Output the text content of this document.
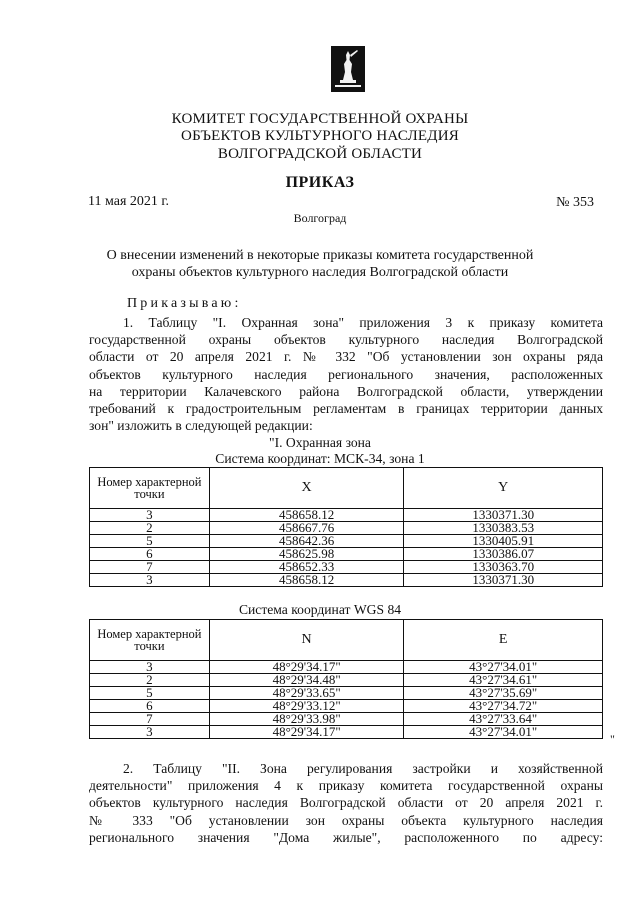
КОМИТЕТ ГОСУДАРСТВЕННОЙ ОХРАНЫ
ОБЪЕКТОВ КУЛЬТУРНОГО НАСЛЕДИЯ
ВОЛГОГРАДСКОЙ ОБЛАСТИ
ПРИКАЗ
11 мая 2021 г.	№ 353
Волгоград
О внесении изменений в некоторые приказы комитета государственной
охраны объектов культурного наследия Волгоградской области
Приказываю:
1. Таблицу "I. Охранная зона" приложения 3 к приказу комитета
государственной охраны объектов культурного наследия Волгоградской
области от 20 апреля 2021 г. № 332 "Об установлении зон охраны ряда
объектов культурного наследия регионального значения, расположенных
на территории Калачевского района Волгоградской области, утверждении
требований к градостроительным регламентам в границах территории данных
зон" изложить в следующей редакции:
"I. Охранная зона
Система координат: МСК-34, зона 1
Номер характерной точки	X	Y
3	458658.12	1330371.30
2	458667.76	1330383.53
5	458642.36	1330405.91
6	458625.98	1330386.07
7	458652.33	1330363.70
3	458658.12	1330371.30
Система координат WGS 84
Номер характерной точки	N	E
3	48°29'34.17"	43°27'34.01"
2	48°29'34.48"	43°27'34.61"
5	48°29'33.65"	43°27'35.69"
6	48°29'33.12"	43°27'34.72"
7	48°29'33.98"	43°27'33.64"
3	48°29'34.17"	43°27'34.01"	"
2. Таблицу "II. Зона регулирования застройки и хозяйственной
деятельности" приложения 4 к приказу комитета государственной охраны
объектов культурного наследия Волгоградской области от 20 апреля 2021 г.
№ 333 "Об установлении зон охраны объекта культурного наследия
регионального значения "Дома жилые", расположенного по адресу:
